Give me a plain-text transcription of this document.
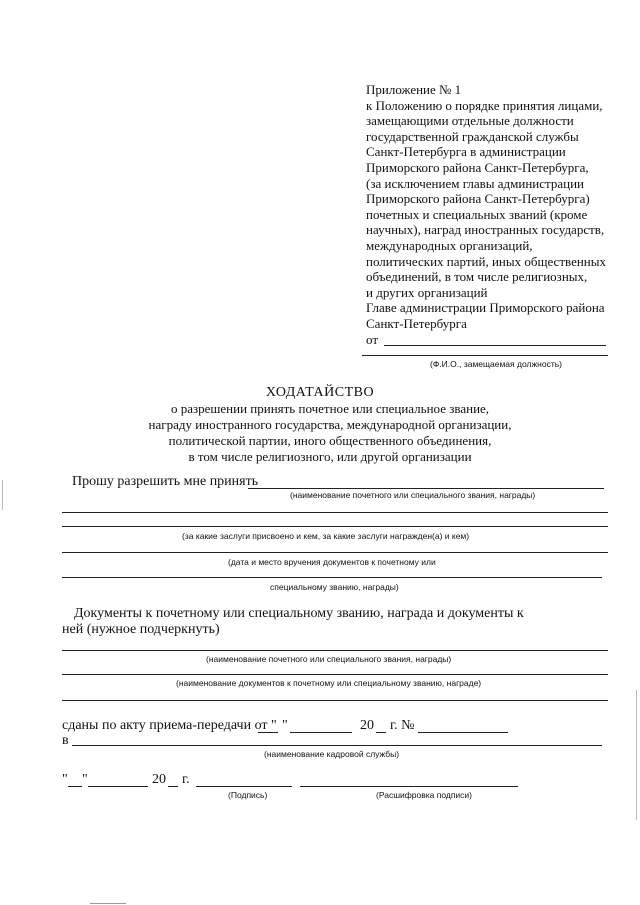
Приложение № 1
к Положению о порядке принятия лицами,
замещающими отдельные должности
государственной гражданской службы
Санкт-Петербурга в администрации
Приморского района Санкт-Петербурга,
(за исключением главы администрации
Приморского района Санкт-Петербурга)
почетных и специальных званий (кроме
научных), наград иностранных государств,
международных организаций,
политических партий, иных общественных
объединений, в том числе религиозных,
и других организаций
Главе администрации Приморского района
Санкт-Петербурга
от
(Ф.И.О., замещаемая должность)
ХОДАТАЙСТВО
о разрешении принять почетное или специальное звание,
награду иностранного государства, международной организации,
политической партии, иного общественного объединения,
в том числе религиозного, или другой организации
Прошу разрешить мне принять
(наименование почетного или специального звания, награды)
(за какие заслуги присвоено и кем, за какие заслуги награжден(а) и кем)
(дата и место вручения документов к почетному или
специальному званию, награды)
Документы к почетному или специальному званию, награда и документы к
ней (нужное подчеркнуть)
(наименование почетного или специального звания, награды)
(наименование документов к почетному или специальному званию, награде)
сданы по акту приема-передачи от " "	20 г. №
в
(наименование кадровой службы)
" "	20 г.
(Подпись)	(Расшифровка подписи)
